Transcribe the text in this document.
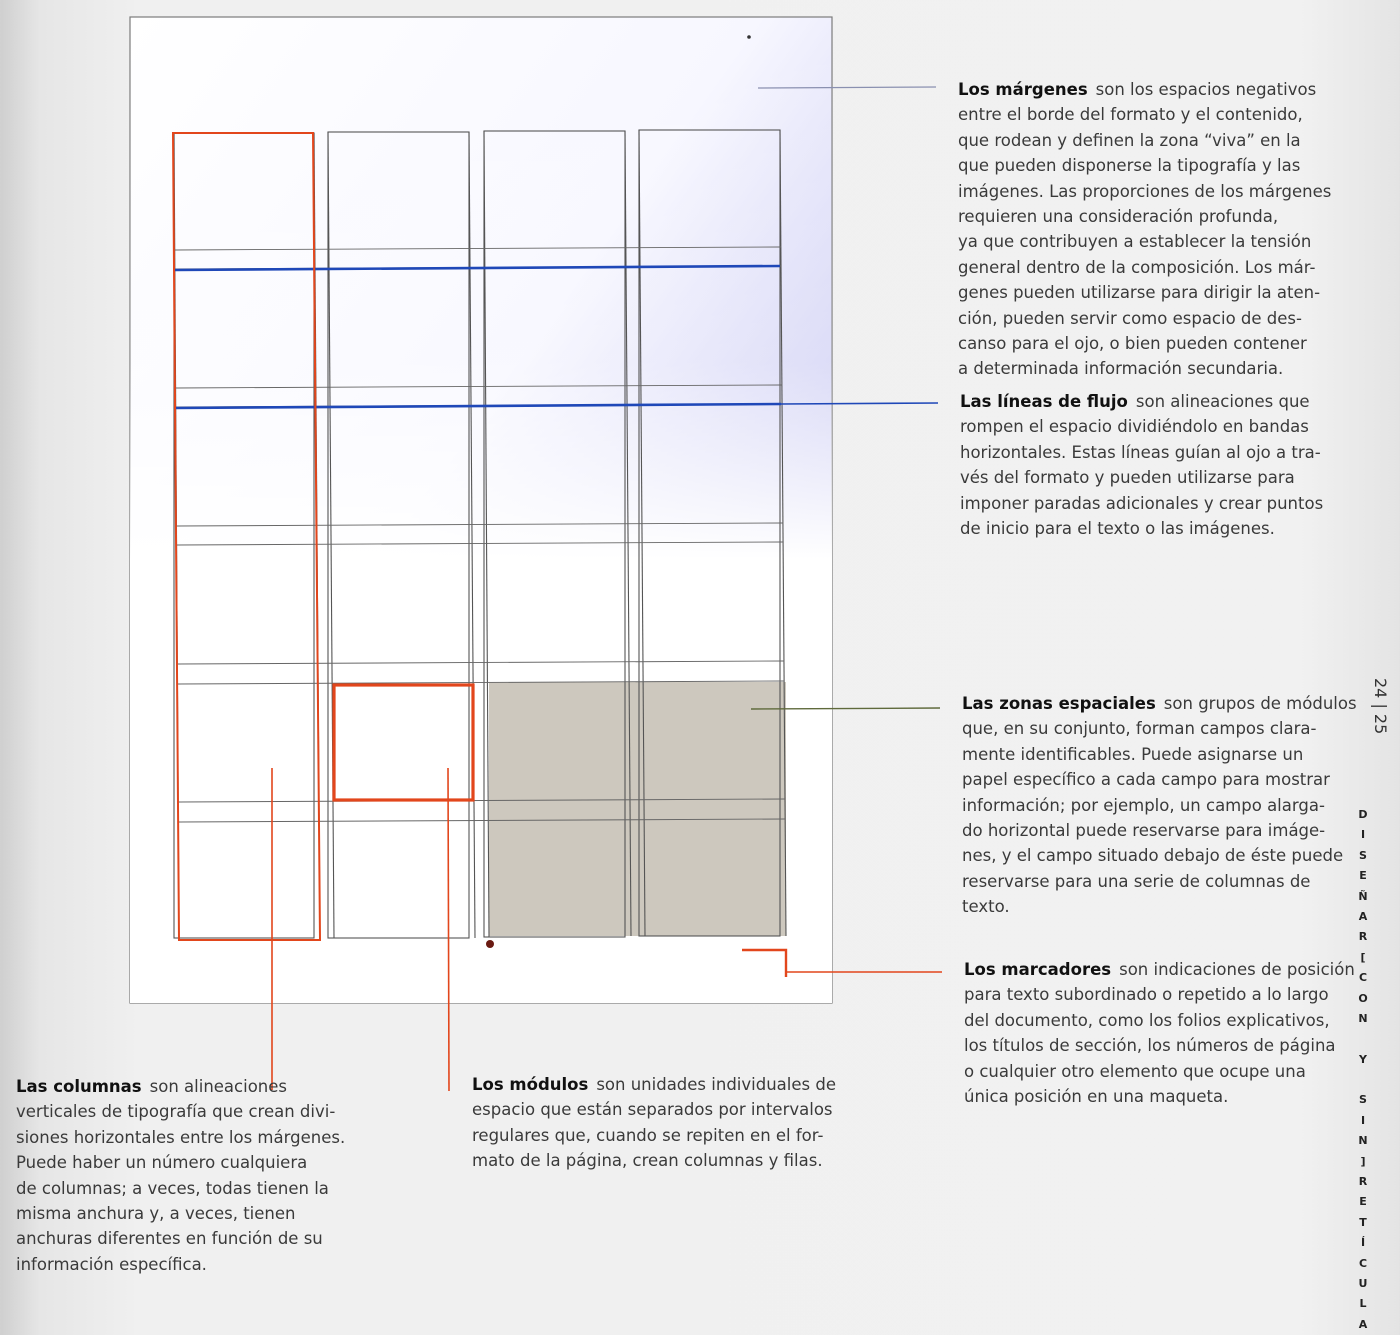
Los márgenes son los espacios negativos
entre el borde del formato y el contenido,
que rodean y definen la zona “viva” en la
que pueden disponerse la tipografía y las
imágenes. Las proporciones de los márgenes
requieren una consideración profunda,
ya que contribuyen a establecer la tensión
general dentro de la composición. Los már-
genes pueden utilizarse para dirigir la aten-
ción, pueden servir como espacio de des-
canso para el ojo, o bien pueden contener
a determinada información secundaria.
Las líneas de flujo son alineaciones que
rompen el espacio dividiéndolo en bandas
horizontales. Estas líneas guían al ojo a tra-
vés del formato y pueden utilizarse para
imponer paradas adicionales y crear puntos
de inicio para el texto o las imágenes.
Las zonas espaciales son grupos de módulos
que, en su conjunto, forman campos clara-
mente identificables. Puede asignarse un
papel específico a cada campo para mostrar
información; por ejemplo, un campo alarga-
do horizontal puede reservarse para imáge-
nes, y el campo situado debajo de éste puede
reservarse para una serie de columnas de
texto.
Los marcadores son indicaciones de posición
para texto subordinado o repetido a lo largo
del documento, como los folios explicativos,
los títulos de sección, los números de página
o cualquier otro elemento que ocupe una
única posición en una maqueta.
Las columnas son alineaciones
verticales de tipografía que crean divi-
siones horizontales entre los márgenes.
Puede haber un número cualquiera
de columnas; a veces, todas tienen la
misma anchura y, a veces, tienen
anchuras diferentes en función de su
información específica.
Los módulos son unidades individuales de
espacio que están separados por intervalos
regulares que, cuando se repiten en el for-
mato de la página, crean columnas y filas.
24 | 25
D
I
S
E
Ñ
A
R
[
C
O
N
Y
S
I
N
]
R
E
T
Í
C
U
L
A
